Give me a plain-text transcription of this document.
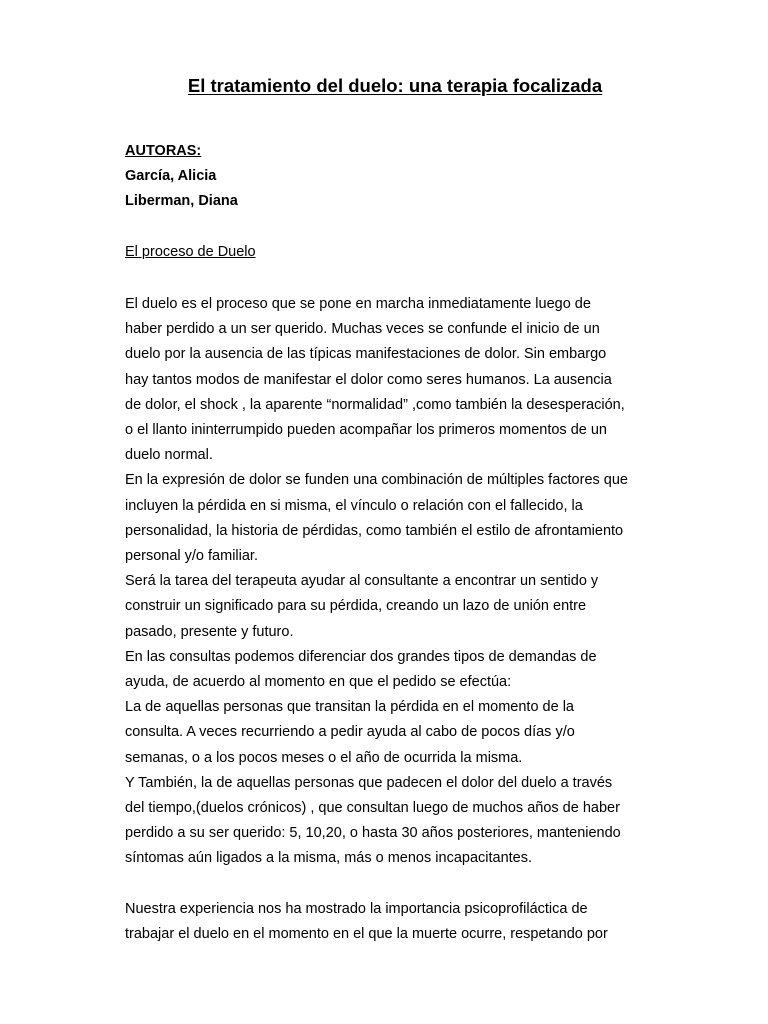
El tratamiento del duelo: una terapia focalizada

AUTORAS:

García, Alicia

Liberman, Diana

El proceso de Duelo

El duelo es el proceso que se pone en marcha inmediatamente luego de
haber perdido a un ser querido. Muchas veces se confunde el inicio de un
duelo por la ausencia de las típicas manifestaciones de dolor. Sin embargo
hay tantos modos de manifestar el dolor como seres humanos. La ausencia
de dolor, el shock , la aparente “normalidad” ,como también la desesperación,
o el llanto ininterrumpido pueden acompañar los primeros momentos de un
duelo normal.
En la expresión de dolor se funden una combinación de múltiples factores que
incluyen la pérdida en si misma, el vínculo o relación con el fallecido, la
personalidad, la historia de pérdidas, como también el estilo de afrontamiento
personal y/o familiar.
Será la tarea del terapeuta ayudar al consultante a encontrar un sentido y
construir un significado para su pérdida, creando un lazo de unión entre
pasado, presente y futuro.
En las consultas podemos diferenciar dos grandes tipos de demandas de
ayuda, de acuerdo al momento en que el pedido se efectúa:
La de aquellas personas que transitan la pérdida en el momento de la
consulta. A veces recurriendo a pedir ayuda al cabo de pocos días y/o
semanas, o a los pocos meses o el año de ocurrida la misma.
Y También, la de aquellas personas que padecen el dolor del duelo a través
del tiempo,(duelos crónicos) , que consultan luego de muchos años de haber
perdido a su ser querido: 5, 10,20, o hasta 30 años posteriores, manteniendo
síntomas aún ligados a la misma, más o menos incapacitantes.
Nuestra experiencia nos ha mostrado la importancia psicoprofiláctica de
trabajar el duelo en el momento en el que la muerte ocurre, respetando por
